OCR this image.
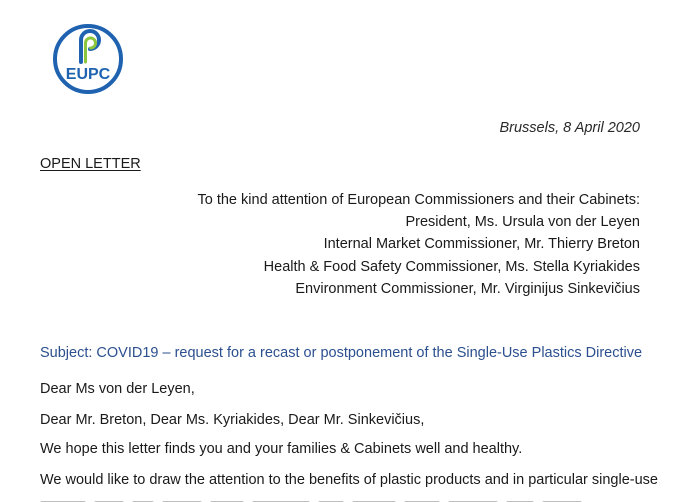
EUPC
Brussels, 8 April 2020
OPEN LETTER
To the kind attention of European Commissioners and their Cabinets:
President, Ms. Ursula von der Leyen
Internal Market Commissioner, Mr. Thierry Breton
Health & Food Safety Commissioner, Ms. Stella Kyriakides
Environment Commissioner, Mr. Virginijus Sinkevičius
Subject: COVID19 – request for a recast or postponement of the Single-Use Plastics Directive
Dear Ms von der Leyen,
Dear Mr. Breton, Dear Ms. Kyriakides, Dear Mr. Sinkevičius,
We hope this letter finds you and your families & Cabinets well and healthy.
We would like to draw the attention to the benefits of plastic products and in particular single-use
